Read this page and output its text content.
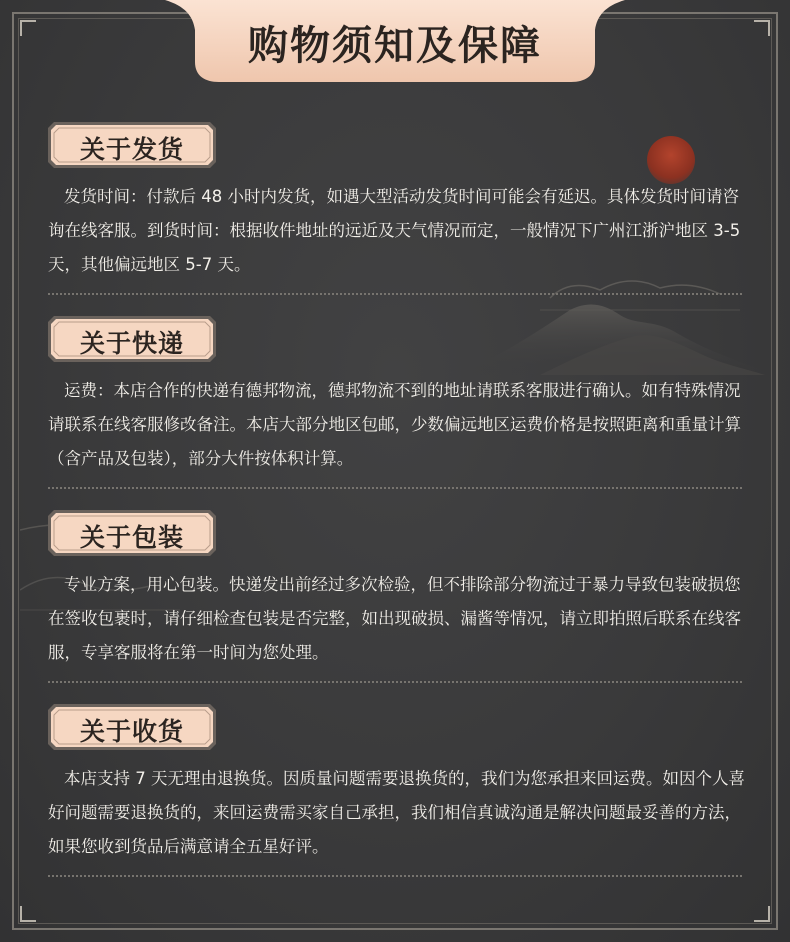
购物须知及保障
关于发货
发货时间：付款后 48 小时内发货，如遇大型活动发货时间可能会有延迟。具体发货时间请咨询在线客服。到货时间：根据收件地址的远近及天气情况而定，一般情况下广州江浙沪地区 3-5 天，其他偏远地区 5-7 天。
关于快递
运费：本店合作的快递有德邦物流，德邦物流不到的地址请联系客服进行确认。如有特殊情况请联系在线客服修改备注。本店大部分地区包邮，少数偏远地区运费价格是按照距离和重量计算（含产品及包装），部分大件按体积计算。
关于包装
专业方案，用心包装。快递发出前经过多次检验，但不排除部分物流过于暴力导致包装破损您在签收包裹时，请仔细检查包装是否完整，如出现破损、漏酱等情况，请立即拍照后联系在线客服，专享客服将在第一时间为您处理。
关于收货
本店支持 7 天无理由退换货。因质量问题需要退换货的，我们为您承担来回运费。如因个人喜好问题需要退换货的，来回运费需买家自己承担，我们相信真诚沟通是解决问题最妥善的方法，如果您收到货品后满意请全五星好评。
